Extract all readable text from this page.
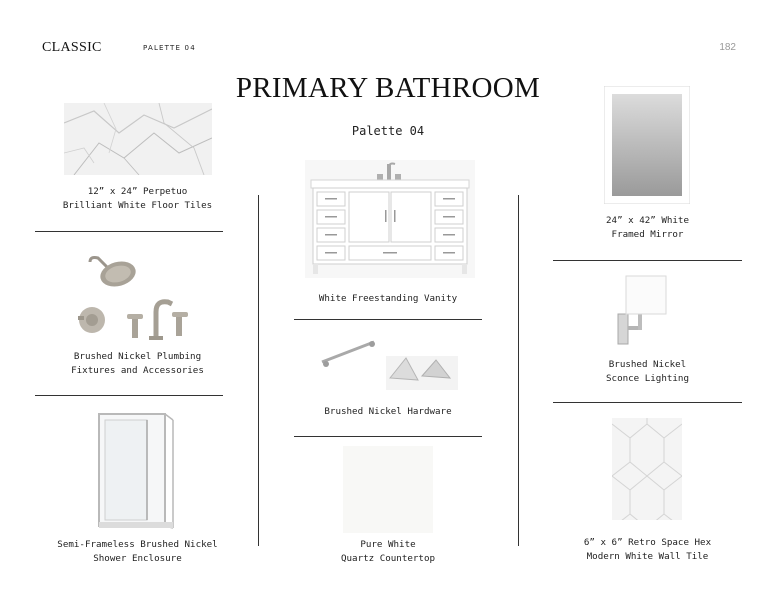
CLASSIC	PALETTE 04	182
PRIMARY BATHROOM
Palette 04
12” x 24” Perpetuo
Brilliant White Floor Tiles
Brushed Nickel Plumbing
Fixtures and Accessories
Semi-Frameless Brushed Nickel
Shower Enclosure
White Freestanding Vanity
Brushed Nickel Hardware
Pure White
Quartz Countertop
24” x 42” White
Framed Mirror
Brushed Nickel
Sconce Lighting
6” x 6” Retro Space Hex
Modern White Wall Tile
